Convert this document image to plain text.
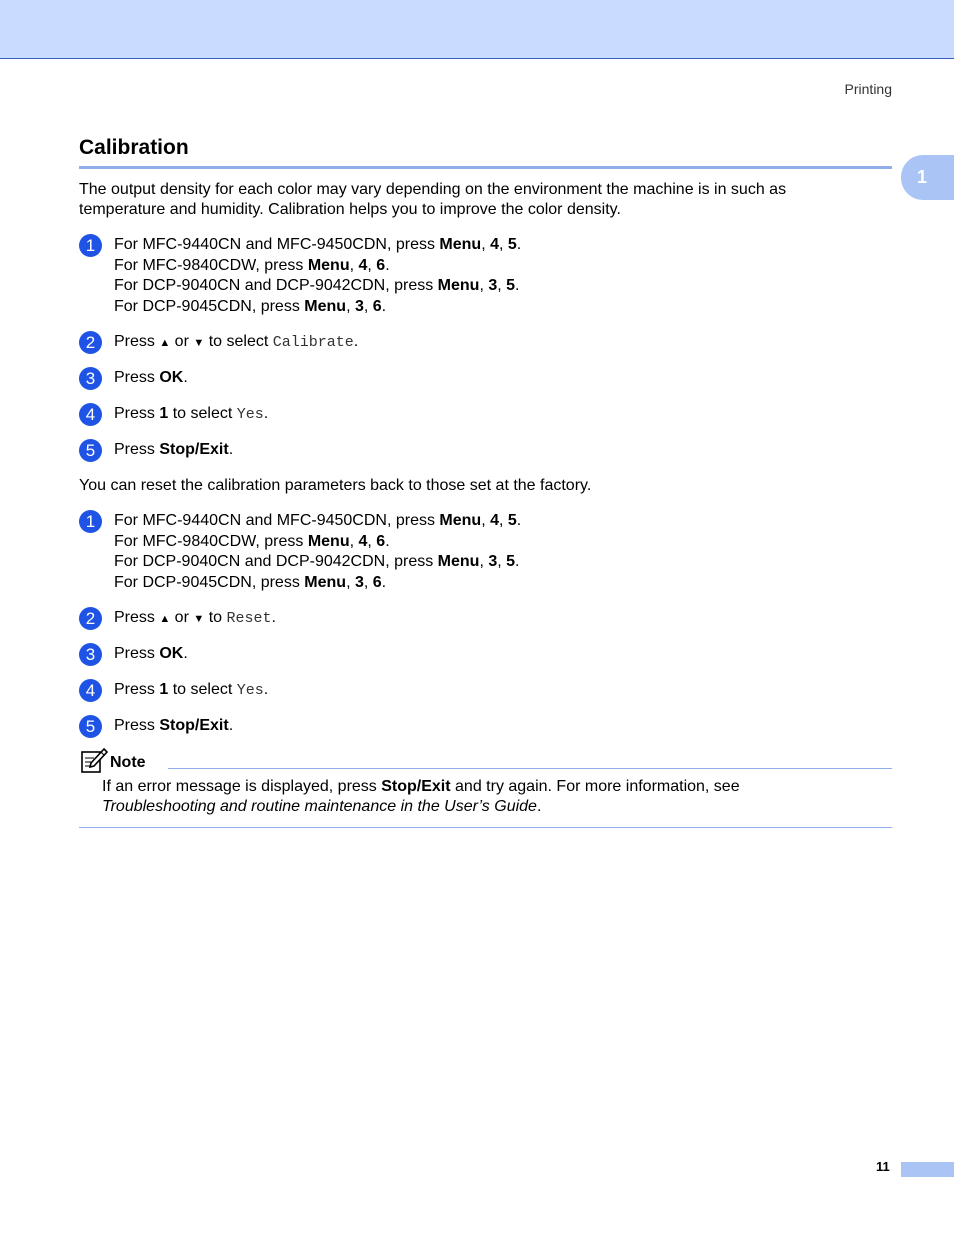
Printing
1
Calibration

The output density for each color may vary depending on the environment the machine is in such as temperature and humidity. Calibration helps you to improve the color density.

1	For MFC-9440CN and MFC-9450CDN, press Menu, 4, 5.
For MFC-9840CDW, press Menu, 4, 6.
For DCP-9040CN and DCP-9042CDN, press Menu, 3, 5.
For DCP-9045CDN, press Menu, 3, 6.
2	Press ▲ or ▼ to select Calibrate.
3	Press OK.
4	Press 1 to select Yes.
5	Press Stop/Exit.

You can reset the calibration parameters back to those set at the factory.

1	For MFC-9440CN and MFC-9450CDN, press Menu, 4, 5.
For MFC-9840CDW, press Menu, 4, 6.
For DCP-9040CN and DCP-9042CDN, press Menu, 3, 5.
For DCP-9045CDN, press Menu, 3, 6.
2	Press ▲ or ▼ to Reset.
3	Press OK.
4	Press 1 to select Yes.
5	Press Stop/Exit.
Note
If an error message is displayed, press Stop/Exit and try again. For more information, see
Troubleshooting and routine maintenance in the User’s Guide.
11
